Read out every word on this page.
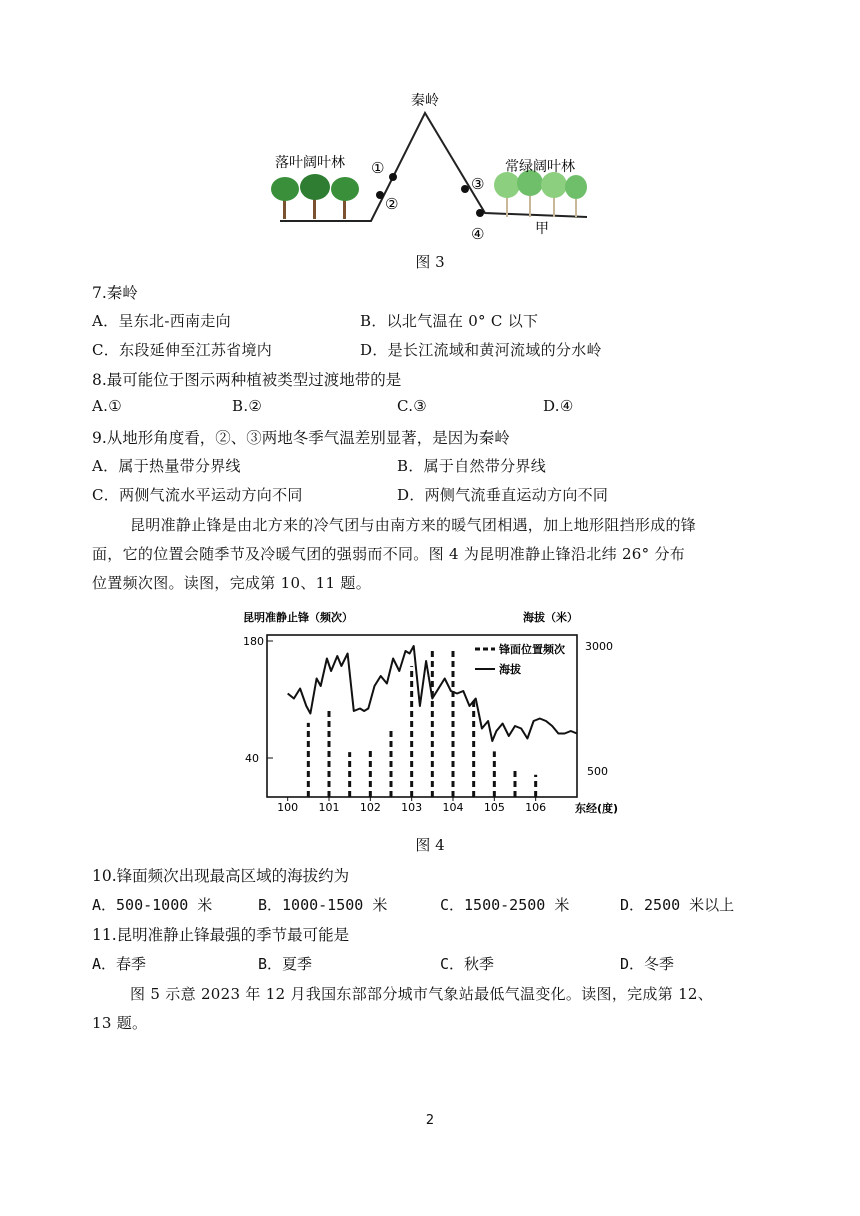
秦岭
落叶阔叶林	常绿阔叶林
①
②
③
④	甲
图 3
7.秦岭
A．呈东北-西南走向	B．以北气温在 0° C 以下
C．东段延伸至江苏省境内	D．是长江流域和黄河流域的分水岭
8.最可能位于图示两种植被类型过渡地带的是
A.①	B.②	C.③	D.④
9.从地形角度看，②、③两地冬季气温差别显著，是因为秦岭
A．属于热量带分界线	B．属于自然带分界线
C．两侧气流水平运动方向不同	D．两侧气流垂直运动方向不同
昆明准静止锋是由北方来的冷气团与由南方来的暖气团相遇，加上地形阻挡形成的锋
面，它的位置会随季节及冷暖气团的强弱而不同。图 4 为昆明准静止锋沿北纬 26° 分布
位置频次图。读图，完成第 10、11 题。
昆明准静止锋（频次）	海拔（米）
180
40
3000
500
东经(度)
锋面位置频次
海拔
100 101 102 103 104 105 106
图 4
10.锋面频次出现最高区域的海拔约为
A．500-1000 米	B．1000-1500 米	C．1500-2500 米	D．2500 米以上
11.昆明准静止锋最强的季节最可能是
A．春季	B．夏季	C．秋季	D．冬季
图 5 示意 2023 年 12 月我国东部部分城市气象站最低气温变化。读图，完成第 12、
13 题。
2
